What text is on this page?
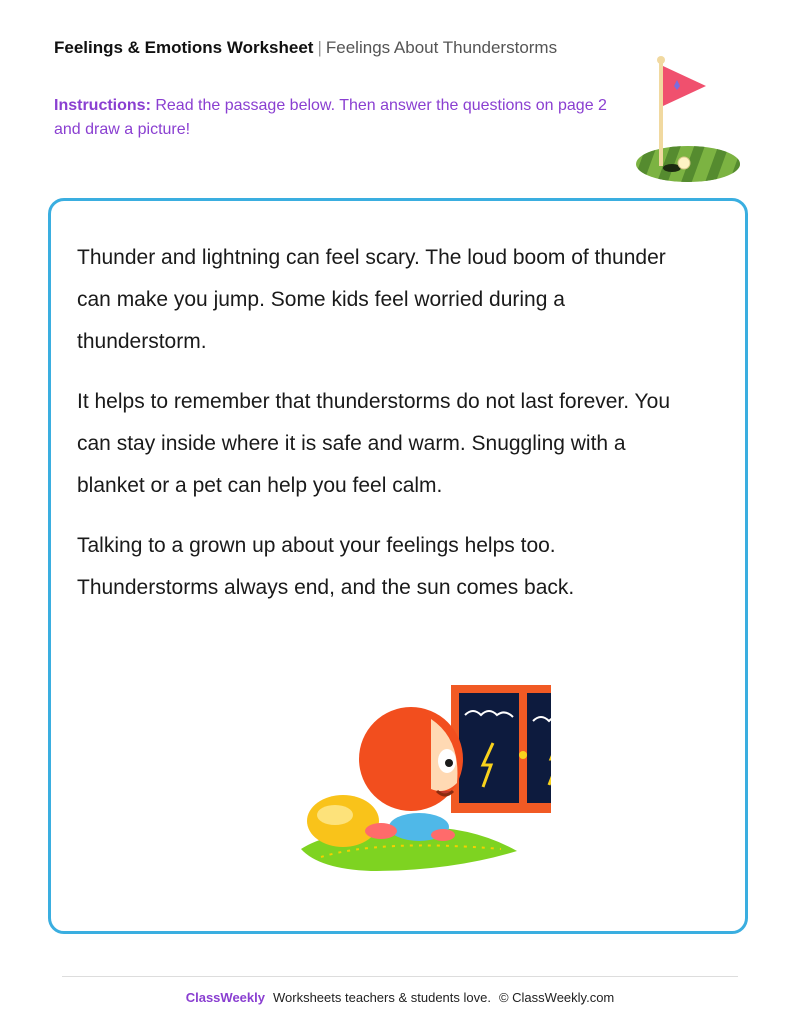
Feelings & Emotions Worksheet | Feelings About Thunderstorms
Instructions: Read the passage below. Then answer the questions on page 2 and draw a picture!

Thunder and lightning can feel scary. The loud boom of thunder can make you jump. Some kids feel worried during a thunderstorm.

It helps to remember that thunderstorms do not last forever. You can stay inside where it is safe and warm. Snuggling with a blanket or a pet can help you feel calm.

Talking to a grown up about your feelings helps too. Thunderstorms always end, and the sun comes back.

ClassWeekly Worksheets teachers & students love. © ClassWeekly.com
